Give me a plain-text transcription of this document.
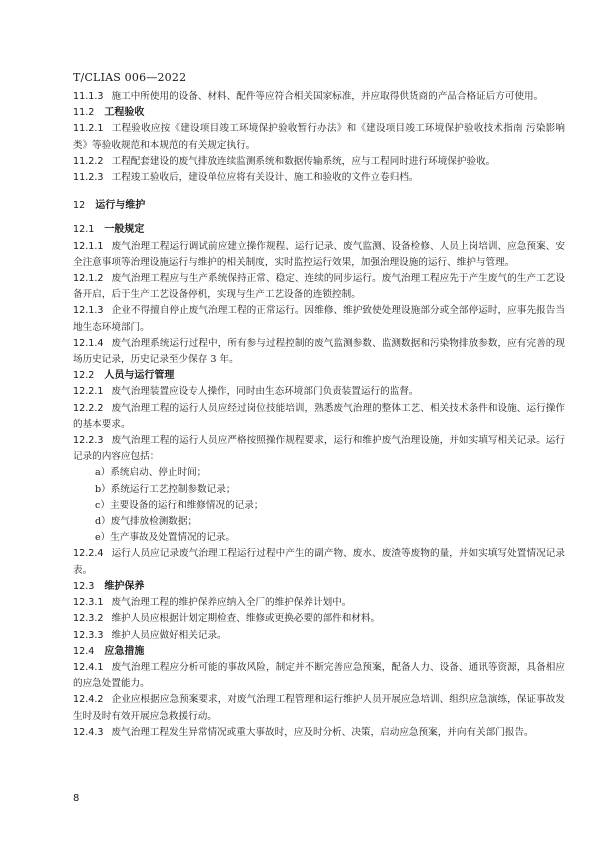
T/CLIAS 006—2022
11.1.3 施工中所使用的设备、材料、配件等应符合相关国家标准，并应取得供货商的产品合格证后方可使用。
11.2 工程验收
11.2.1 工程验收应按《建设项目竣工环境保护验收暂行办法》和《建设项目竣工环境保护验收技术指南 污染影响类》等验收规范和本规范的有关规定执行。
11.2.2 工程配套建设的废气排放连续监测系统和数据传输系统，应与工程同时进行环境保护验收。
11.2.3 工程竣工验收后，建设单位应将有关设计、施工和验收的文件立卷归档。
12 运行与维护
12.1 一般规定
12.1.1 废气治理工程运行调试前应建立操作规程、运行记录、废气监测、设备检修、人员上岗培训、应急预案、安全注意事项等治理设施运行与维护的相关制度，实时监控运行效果，加强治理设施的运行、维护与管理。
12.1.2 废气治理工程应与生产系统保持正常、稳定、连续的同步运行。废气治理工程应先于产生废气的生产工艺设备开启，后于生产工艺设备停机，实现与生产工艺设备的连锁控制。
12.1.3 企业不得擅自停止废气治理工程的正常运行。因维修、维护致使处理设施部分或全部停运时，应事先报告当地生态环境部门。
12.1.4 废气治理系统运行过程中，所有参与过程控制的废气监测参数、监测数据和污染物排放参数，应有完善的现场历史记录，历史记录至少保存 3 年。
12.2 人员与运行管理
12.2.1 废气治理装置应设专人操作，同时由生态环境部门负责装置运行的监督。
12.2.2 废气治理工程的运行人员应经过岗位技能培训，熟悉废气治理的整体工艺、相关技术条件和设施、运行操作的基本要求。
12.2.3 废气治理工程的运行人员应严格按照操作规程要求，运行和维护废气治理设施，并如实填写相关记录。运行记录的内容应包括：
a）系统启动、停止时间；
b）系统运行工艺控制参数记录；
c）主要设备的运行和维修情况的记录；
d）废气排放检测数据；
e）生产事故及处置情况的记录。
12.2.4 运行人员应记录废气治理工程运行过程中产生的副产物、废水、废渣等废物的量，并如实填写处置情况记录表。
12.3 维护保养
12.3.1 废气治理工程的维护保养应纳入全厂的维护保养计划中。
12.3.2 维护人员应根据计划定期检查、维修或更换必要的部件和材料。
12.3.3 维护人员应做好相关记录。
12.4 应急措施
12.4.1 废气治理工程应分析可能的事故风险，制定并不断完善应急预案，配备人力、设备、通讯等资源，具备相应的应急处置能力。
12.4.2 企业应根据应急预案要求，对废气治理工程管理和运行维护人员开展应急培训、组织应急演练，保证事故发生时及时有效开展应急救援行动。
12.4.3 废气治理工程发生异常情况或重大事故时，应及时分析、决策，启动应急预案，并向有关部门报告。
8
